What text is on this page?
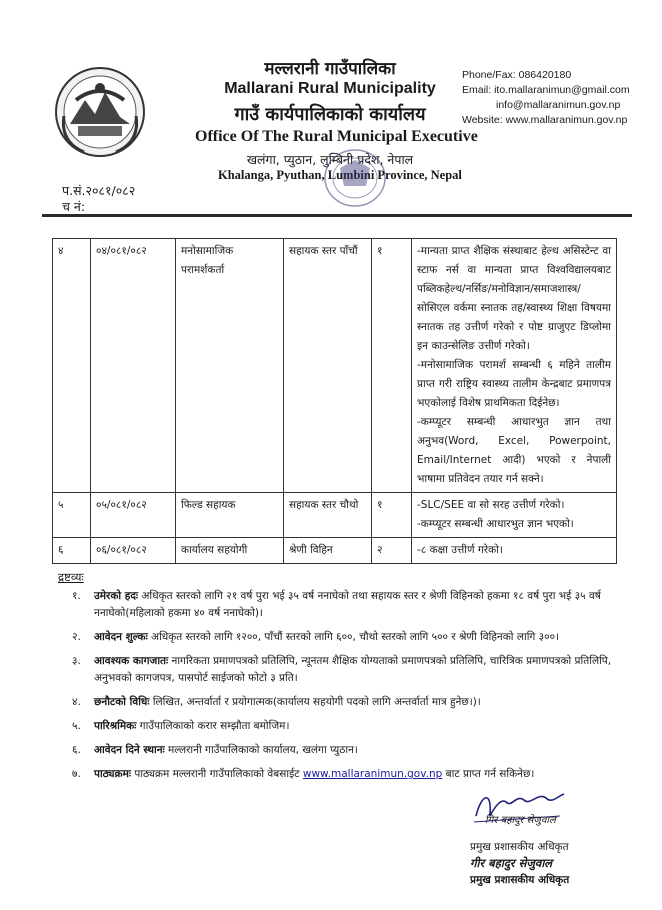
मल्लरानी गाउँपालिका
Mallarani Rural Municipality
गाउँ कार्यपालिकाको कार्यालय
Office Of The Rural Municipal Executive
खलंगा, प्युठान, लुम्बिनी प्रदेश, नेपाल
Khalanga, Pyuthan, Lumbini Province, Nepal
Phone/Fax: 086420180
Email: ito.mallaranimun@gmail.com
info@mallaranimun.gov.np
Website: www.mallaranimun.gov.np
प.सं.२०८१/०८२
च नं:
४	०४/०८१/०८२	मनोसामाजिक परामर्शकर्ता	सहायक स्तर पाँचौं	१	-मान्यता प्राप्त शैक्षिक संस्थाबाट हेल्थ असिस्टेन्ट वा स्टाफ नर्स वा मान्यता प्राप्त विश्वविद्यालयबाट पब्लिकहेल्थ/नर्सिङ/मनोविज्ञान/समाजशास्त्र/सोसिएल वर्कमा स्नातक तह/स्वास्थ्य शिक्षा विषयमा स्नातक तह उत्तीर्ण गरेको र पोष्ट ग्राजुएट डिप्लोमा इन काउन्सेलिङ उत्तीर्ण गरेको।

-मनोसामाजिक परामर्श सम्बन्धी ६ महिने तालीम प्राप्त गरी राष्ट्रिय स्वास्थ्य तालीम केन्द्रबाट प्रमाणपत्र भएकोलाई विशेष प्राथमिकता दिईनेछ।

-कम्प्यूटर सम्बन्धी आधारभुत ज्ञान तथा अनुभव(Word, Excel, Powerpoint, Email/Internet आदी) भएको र नेपाली भाषामा प्रतिवेदन तयार गर्न सक्ने।

५	०५/०८१/०८२	फिल्ड सहायक	सहायक स्तर चौथो	१	-SLC/SEE वा सो सरह उत्तीर्ण गरेको।

-कम्प्यूटर सम्बन्धी आधारभुत ज्ञान भएको।

६	०६/०८१/०८२	कार्यालय सहयोगी	श्रेणी विहिन	२	-८ कक्षा उत्तीर्ण गरेको।

द्रष्टव्यः
१.	उमेरको हदः अधिकृत स्तरको लागि २१ वर्ष पुरा भई ३५ वर्ष ननाघेको तथा सहायक स्तर र श्रेणी विहिनको हकमा १८ वर्ष पुरा भई ३५ वर्ष ननाघेको(महिलाको हकमा ४० वर्ष ननाघेको)।
२.	आवेदन शुल्कः अधिकृत स्तरको लागि १२००, पाँचौं स्तरको लागि ६००, चौथो स्तरको लागि ५०० र श्रेणी विहिनको लागि ३००।
३.	आवश्यक कागजातः नागरिकता प्रमाणपत्रको प्रतिलिपि, न्यूनतम शैक्षिक योग्यताको प्रमाणपत्रको प्रतिलिपि, चारित्रिक प्रमाणपत्रको प्रतिलिपि, अनुभवको कागजपत्र, पासपोर्ट साईजको फोटो ३ प्रति।
४.	छनौटको विधिः लिखित, अन्तर्वार्ता र प्रयोगात्मक(कार्यालय सहयोगी पदको लागि अन्तर्वार्ता मात्र हुनेछ।)।
५.	पारिश्रमिकः गाउँपालिकाको करार सम्झौता बमोजिम।
६.	आवेदन दिने स्थानः मल्लरानी गाउँपालिकाको कार्यालय, खलंगा प्युठान।
७.	पाठ्यक्रमः पाठ्यक्रम मल्लरानी गाउँपालिकाको वेबसाईट www.mallaranimun.gov.np बाट प्राप्त गर्न सकिनेछ।
गिर बहादुर सेजुवाल
प्रमुख प्रशासकीय अधिकृत
गीर बहादुर सेजुवाल
प्रमुख प्रशासकीय अधिकृत
